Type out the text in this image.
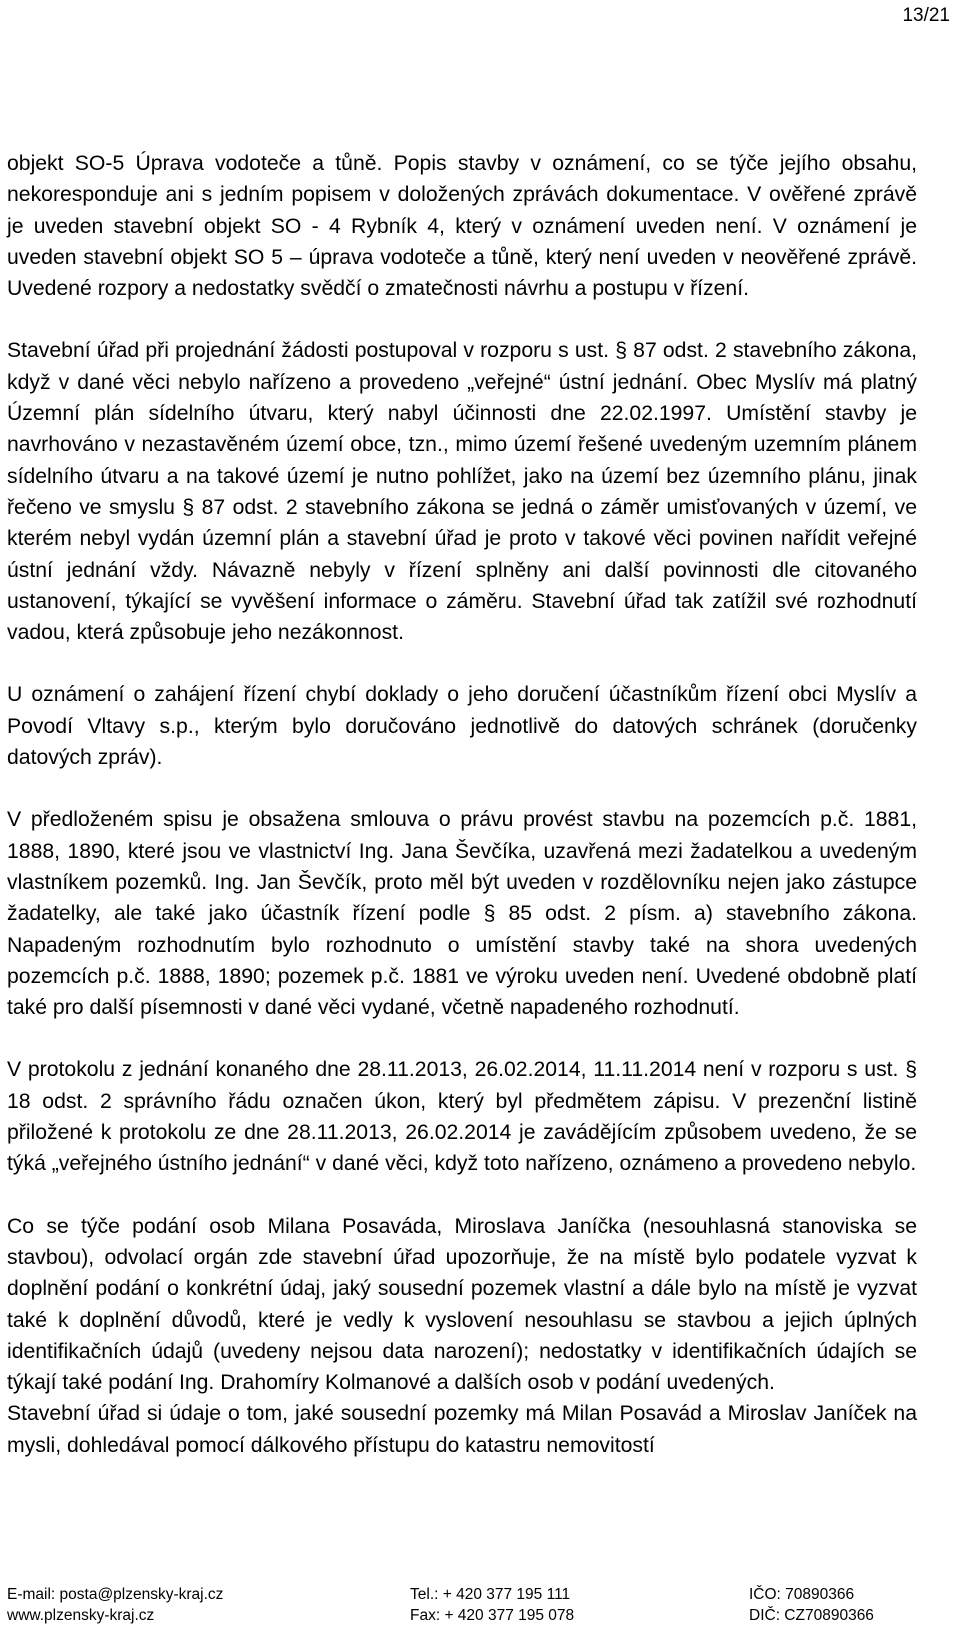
13/21

objekt SO-5 Úprava vodoteče a tůně. Popis stavby v oznámení, co se týče jejího obsahu, nekoresponduje ani s jedním popisem v doložených zprávách dokumentace. V ověřené zprávě je uveden stavební objekt SO - 4 Rybník 4, který v oznámení uveden není. V oznámení je uveden stavební objekt SO 5 – úprava vodoteče a tůně, který není uveden v neověřené zprávě. Uvedené rozpory a nedostatky svědčí o zmatečnosti návrhu a postupu v řízení.

Stavební úřad při projednání žádosti postupoval v rozporu s ust. § 87 odst. 2 stavebního zákona, když v dané věci nebylo nařízeno a provedeno „veřejné“ ústní jednání. Obec Myslív má platný Územní plán sídelního útvaru, který nabyl účinnosti dne 22.02.1997. Umístění stavby je navrhováno v nezastavěném území obce, tzn., mimo území řešené uvedeným uzemním plánem sídelního útvaru a na takové území je nutno pohlížet, jako na území bez územního plánu, jinak řečeno ve smyslu § 87 odst. 2 stavebního zákona se jedná o záměr umisťovaných v území, ve kterém nebyl vydán územní plán a stavební úřad je proto v takové věci povinen nařídit veřejné ústní jednání vždy. Návazně nebyly v řízení splněny ani další povinnosti dle citovaného ustanovení, týkající se vyvěšení informace o záměru. Stavební úřad tak zatížil své rozhodnutí vadou, která způsobuje jeho nezákonnost.

U oznámení o zahájení řízení chybí doklady o jeho doručení účastníkům řízení obci Myslív a Povodí Vltavy s.p., kterým bylo doručováno jednotlivě do datových schránek (doručenky datových zpráv).

V předloženém spisu je obsažena smlouva o právu provést stavbu na pozemcích p.č. 1881, 1888, 1890, které jsou ve vlastnictví Ing. Jana Ševčíka, uzavřená mezi žadatelkou a uvedeným vlastníkem pozemků. Ing. Jan Ševčík, proto měl být uveden v rozdělovníku nejen jako zástupce žadatelky, ale také jako účastník řízení podle § 85 odst. 2 písm. a) stavebního zákona. Napadeným rozhodnutím bylo rozhodnuto o umístění stavby také na shora uvedených pozemcích p.č. 1888, 1890; pozemek p.č. 1881 ve výroku uveden není. Uvedené obdobně platí také pro další písemnosti v dané věci vydané, včetně napadeného rozhodnutí.

V protokolu z jednání konaného dne 28.11.2013, 26.02.2014, 11.11.2014 není v rozporu s ust. § 18 odst. 2 správního řádu označen úkon, který byl předmětem zápisu. V prezenční listině přiložené k protokolu ze dne 28.11.2013, 26.02.2014 je zavádějícím způsobem uvedeno, že se týká „veřejného ústního jednání“ v dané věci, když toto nařízeno, oznámeno a provedeno nebylo.

Co se týče podání osob Milana Posaváda, Miroslava Janíčka (nesouhlasná stanoviska se stavbou), odvolací orgán zde stavební úřad upozorňuje, že na místě bylo podatele vyzvat k doplnění podání o konkrétní údaj, jaký sousední pozemek vlastní a dále bylo na místě je vyzvat také k doplnění důvodů, které je vedly k vyslovení nesouhlasu se stavbou a jejich úplných identifikačních údajů (uvedeny nejsou data narození); nedostatky v identifikačních údajích se týkají také podání Ing. Drahomíry Kolmanové a dalších osob v podání uvedených.

Stavební úřad si údaje o tom, jaké sousední pozemky má Milan Posavád a Miroslav Janíček na mysli, dohledával pomocí dálkového přístupu do katastru nemovitostí

E-mail: posta@plzensky-kraj.cz	Tel.: + 420 377 195 111	IČO: 70890366
www.plzensky-kraj.cz	Fax: + 420 377 195 078	DIČ: CZ70890366
